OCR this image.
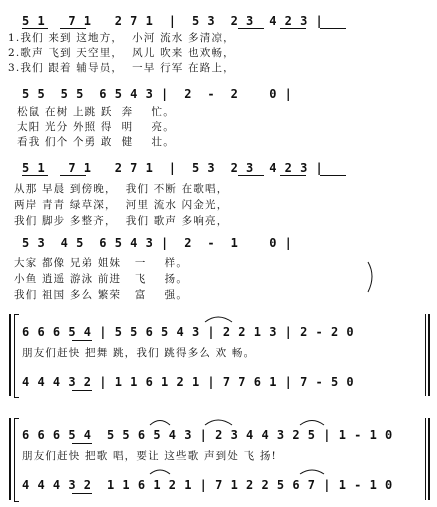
5 1   7 1   2 7 1  |  5 3  2 3  4 2 3 |
1.我们 来到 这地方，  小河 流水 多清凉，
2.歌声 飞到 天空里，  风儿 吹来 也欢畅，
3.我们 跟着 辅导员，  一早 行军 在路上，
5 5  5 5  6 5 4 3 |  2  -  2    0 |
松鼠 在树 上跳 跃  奔    忙。
太阳 光分 外照 得  明    亮。
看我 们个 个勇 敢  健    壮。
5 1   7 1   2 7 1  |  5 3  2 3  4 2 3 |
从那 早晨 到傍晚，  我们 不断 在歌唱，
两岸 青青 绿草深，  河里 流水 闪金光，
我们 脚步 多整齐，  我们 歌声 多响亮，
5 3  4 5  6 5 4 3 |  2  -  1    0 |
大家 都像 兄弟 姐妹   一    样。
小鱼 逍遥 游泳 前进   飞    扬。
我们 祖国 多么 繁荣   富    强。
6 6 6 5 4 | 5 5 6 5 4 3 | 2 2 1 3 | 2 - 2 0
朋友们赶快 把舞 跳，我们 跳得多么 欢 畅。
4 4 4 3 2 | 1 1 6 1 2 1 | 7 7 6 1 | 7 - 5 0
6 6 6 5 4  5 5 6 5 4 3 | 2 3 4 4 3 2 5 | 1 - 1 0
朋友们赶快 把歌 唱，要让 这些歌 声到处 飞 扬!
4 4 4 3 2  1 1 6 1 2 1 | 7 1 2 2 5 6 7 | 1 - 1 0
